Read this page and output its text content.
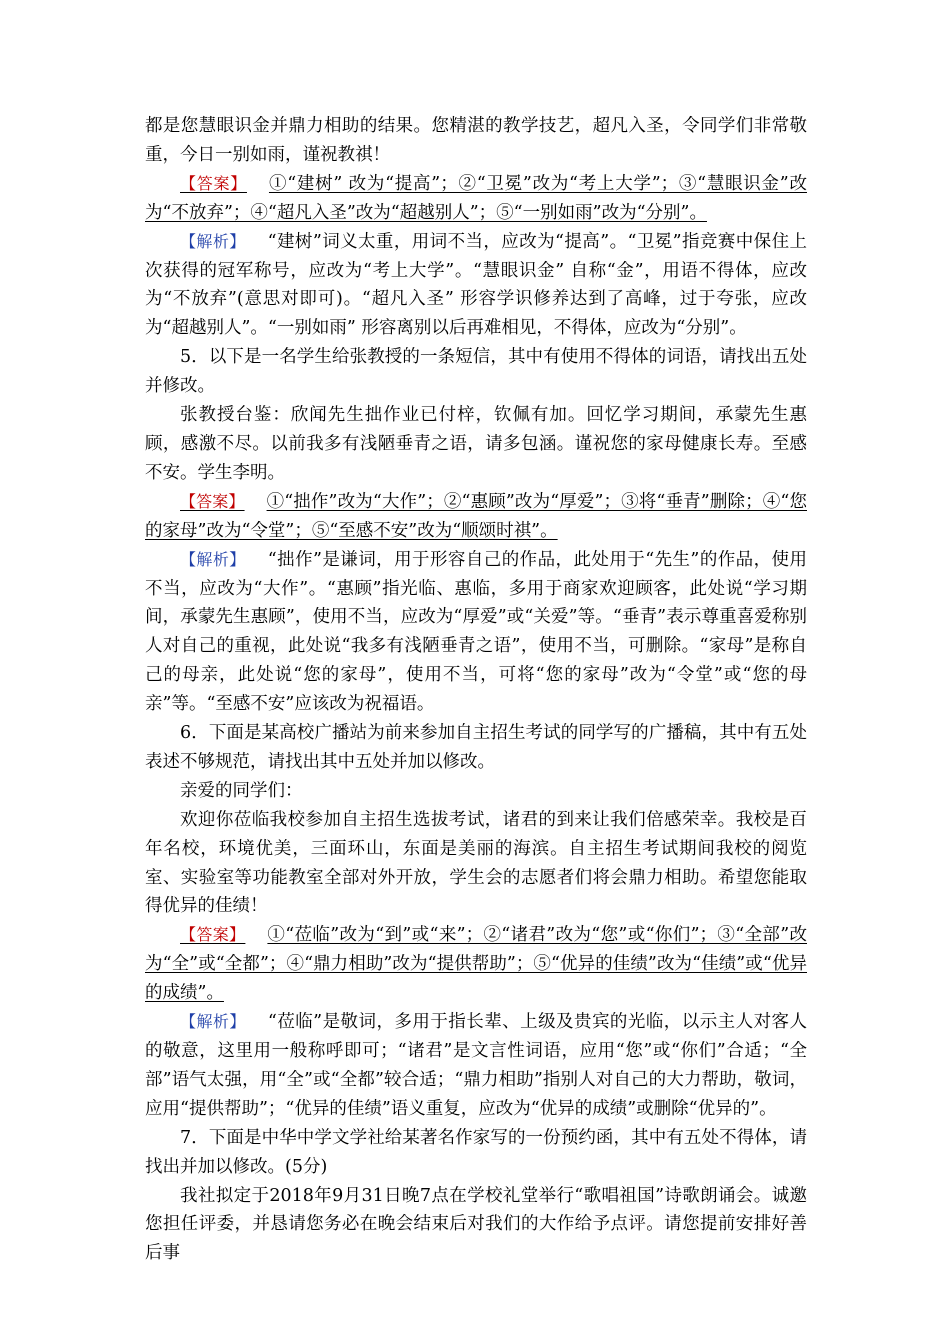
都是您慧眼识金并鼎力相助的结果。您精湛的教学技艺，超凡入圣，令同学们非常敬重，今日一别如雨，谨祝教祺！

【答案】 ①“建树” 改为“提高”；②“卫冕”改为“考上大学”；③“慧眼识金”改为“不放弃”；④“超凡入圣”改为“超越别人”；⑤“一别如雨”改为“分别”。

【解析】 “建树”词义太重，用词不当，应改为“提高”。“卫冕”指竞赛中保住上次获得的冠军称号，应改为“考上大学”。“慧眼识金” 自称“金”，用语不得体，应改为“不放弃”(意思对即可)。“超凡入圣” 形容学识修养达到了高峰，过于夸张，应改为“超越别人”。“一别如雨” 形容离别以后再难相见，不得体，应改为“分别”。

5．以下是一名学生给张教授的一条短信，其中有使用不得体的词语，请找出五处并修改。

张教授台鉴：欣闻先生拙作业已付梓，钦佩有加。回忆学习期间，承蒙先生惠顾，感激不尽。以前我多有浅陋垂青之语，请多包涵。谨祝您的家母健康长寿。至感不安。学生李明。

【答案】 ①“拙作”改为“大作”；②“惠顾”改为“厚爱”；③将“垂青”删除；④“您的家母”改为“令堂”；⑤“至感不安”改为“顺颂时祺”。

【解析】 “拙作”是谦词，用于形容自己的作品，此处用于“先生”的作品，使用不当，应改为“大作”。“惠顾”指光临、惠临，多用于商家欢迎顾客，此处说“学习期间，承蒙先生惠顾”，使用不当，应改为“厚爱”或“关爱”等。“垂青”表示尊重喜爱称别人对自己的重视，此处说“我多有浅陋垂青之语”，使用不当，可删除。“家母”是称自己的母亲，此处说“您的家母”，使用不当，可将“您的家母”改为“令堂”或“您的母亲”等。“至感不安”应该改为祝福语。

6．下面是某高校广播站为前来参加自主招生考试的同学写的广播稿，其中有五处表述不够规范，请找出其中五处并加以修改。

亲爱的同学们：

欢迎你莅临我校参加自主招生选拔考试，诸君的到来让我们倍感荣幸。我校是百年名校，环境优美，三面环山，东面是美丽的海滨。自主招生考试期间我校的阅览室、实验室等功能教室全部对外开放，学生会的志愿者们将会鼎力相助。希望您能取得优异的佳绩！

【答案】 ①“莅临”改为“到”或“来”；②“诸君”改为“您”或“你们”；③“全部”改为“全”或“全都”；④“鼎力相助”改为“提供帮助”；⑤“优异的佳绩”改为“佳绩”或“优异的成绩”。

【解析】 “莅临”是敬词，多用于指长辈、上级及贵宾的光临，以示主人对客人的敬意，这里用一般称呼即可；“诸君”是文言性词语，应用“您”或“你们”合适；“全部”语气太强，用“全”或“全都”较合适；“鼎力相助”指别人对自己的大力帮助，敬词，应用“提供帮助”；“优异的佳绩”语义重复，应改为“优异的成绩”或删除“优异的”。

7．下面是中华中学文学社给某著名作家写的一份预约函，其中有五处不得体，请找出并加以修改。(5分)

我社拟定于2018年9月31日晚7点在学校礼堂举行“歌唱祖国”诗歌朗诵会。诚邀您担任评委，并恳请您务必在晚会结束后对我们的大作给予点评。请您提前安排好善后事
